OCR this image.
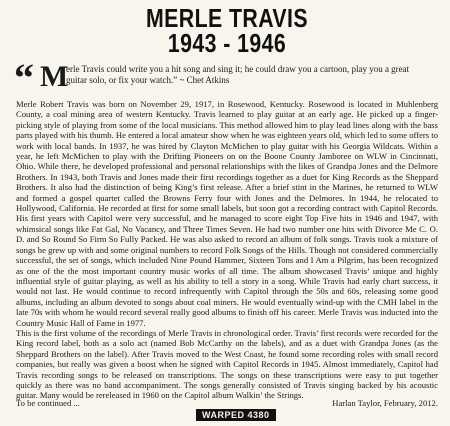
MERLE TRAVIS
1943 - 1946
“ M
erle Travis could write you a hit song and sing it; he could draw you a cartoon, play you a great guitar solo, or fix your watch.” ~ Chet Atkins

Merle Robert Travis was born on November 29, 1917, in Rosewood, Kentucky. Rosewood is located in Muhlenberg County, a coal mining area of western Kentucky. Travis learned to play guitar at an early age. He picked up a finger-picking style of playing from some of the local musicians. This method allowed him to play lead lines along with the bass parts played with his thumb. He entered a local amateur show when he was eighteen years old, which led to some offers to work with local bands. In 1937, he was hired by Clayton McMichen to play guitar with his Georgia Wildcats. Within a year, he left McMichen to play with the Drifting Pioneers on on the Boone County Jamboree on WLW in Cincinnati, Ohio. While there, he developed professional and personal relationships with the likes of Grandpa Jones and the Delmore Brothers. In 1943, both Travis and Jones made their first recordings together as a duet for King Records as the Sheppard Brothers. It also had the distinction of being King’s first release. After a brief stint in the Marines, he returned to WLW and formed a gospel quartet called the Browns Ferry four with Jones and the Delmores. In 1944, he relocated to Hollywood, California. He recorded at first for some small labels, but soon got a recording contract with Capitol Records. His first years with Capitol were very successful, and he managed to score eight Top Five hits in 1946 and 1947, with whimsical songs like Fat Gal, No Vacancy, and Three Times Seven. He had two number one hits with Divorce Me C. O. D. and So Round So Firm So Fully Packed. He was also asked to record an album of folk songs. Travis took a mixture of songs he grew up with and some original numbers to record Folk Songs of the Hills. Though not considered commercially successful, the set of songs, which included Nine Pound Hammer, Sixteen Tons and I Am a Pilgrim, has been recognized as one of the the most important country music works of all time. The album showcased Travis’ unique and highly influential style of guitar playing, as well as his ability to tell a story in a song. While Travis had early chart success, it would not last. He would continue to record infrequently with Capitol through the 50s and 60s, releasing some good albums, including an album devoted to songs about coal miners. He would eventually wind-up with the CMH label in the late 70s with whom he would record several really good albums to finish off his career. Merle Travis was inducted into the Country Music Hall of Fame in 1977.

This is the first volume of the recordings of Merle Travis in chronological order. Travis’ first records were recorded for the King record label, both as a solo act (named Bob McCarthy on the labels), and as a duet with Grandpa Jones (as the Sheppard Brothers on the label). After Travis moved to the West Coast, he found some recording roles with small record companies, but really was given a boost when he signed with Capitol Records in 1945. Almost immediately, Capitol had Travis recording songs to be released on transcriptions. The songs on these transcriptions were easy to put together quickly as there was no band accompaniment. The songs generally consisted of Travis singing backed by his acoustic guitar. Many would be rereleased in 1960 on the Capitol album Walkin’ the Strings.

To be continued ...
WARPED 4380
Harlan Taylor, February, 2012.
